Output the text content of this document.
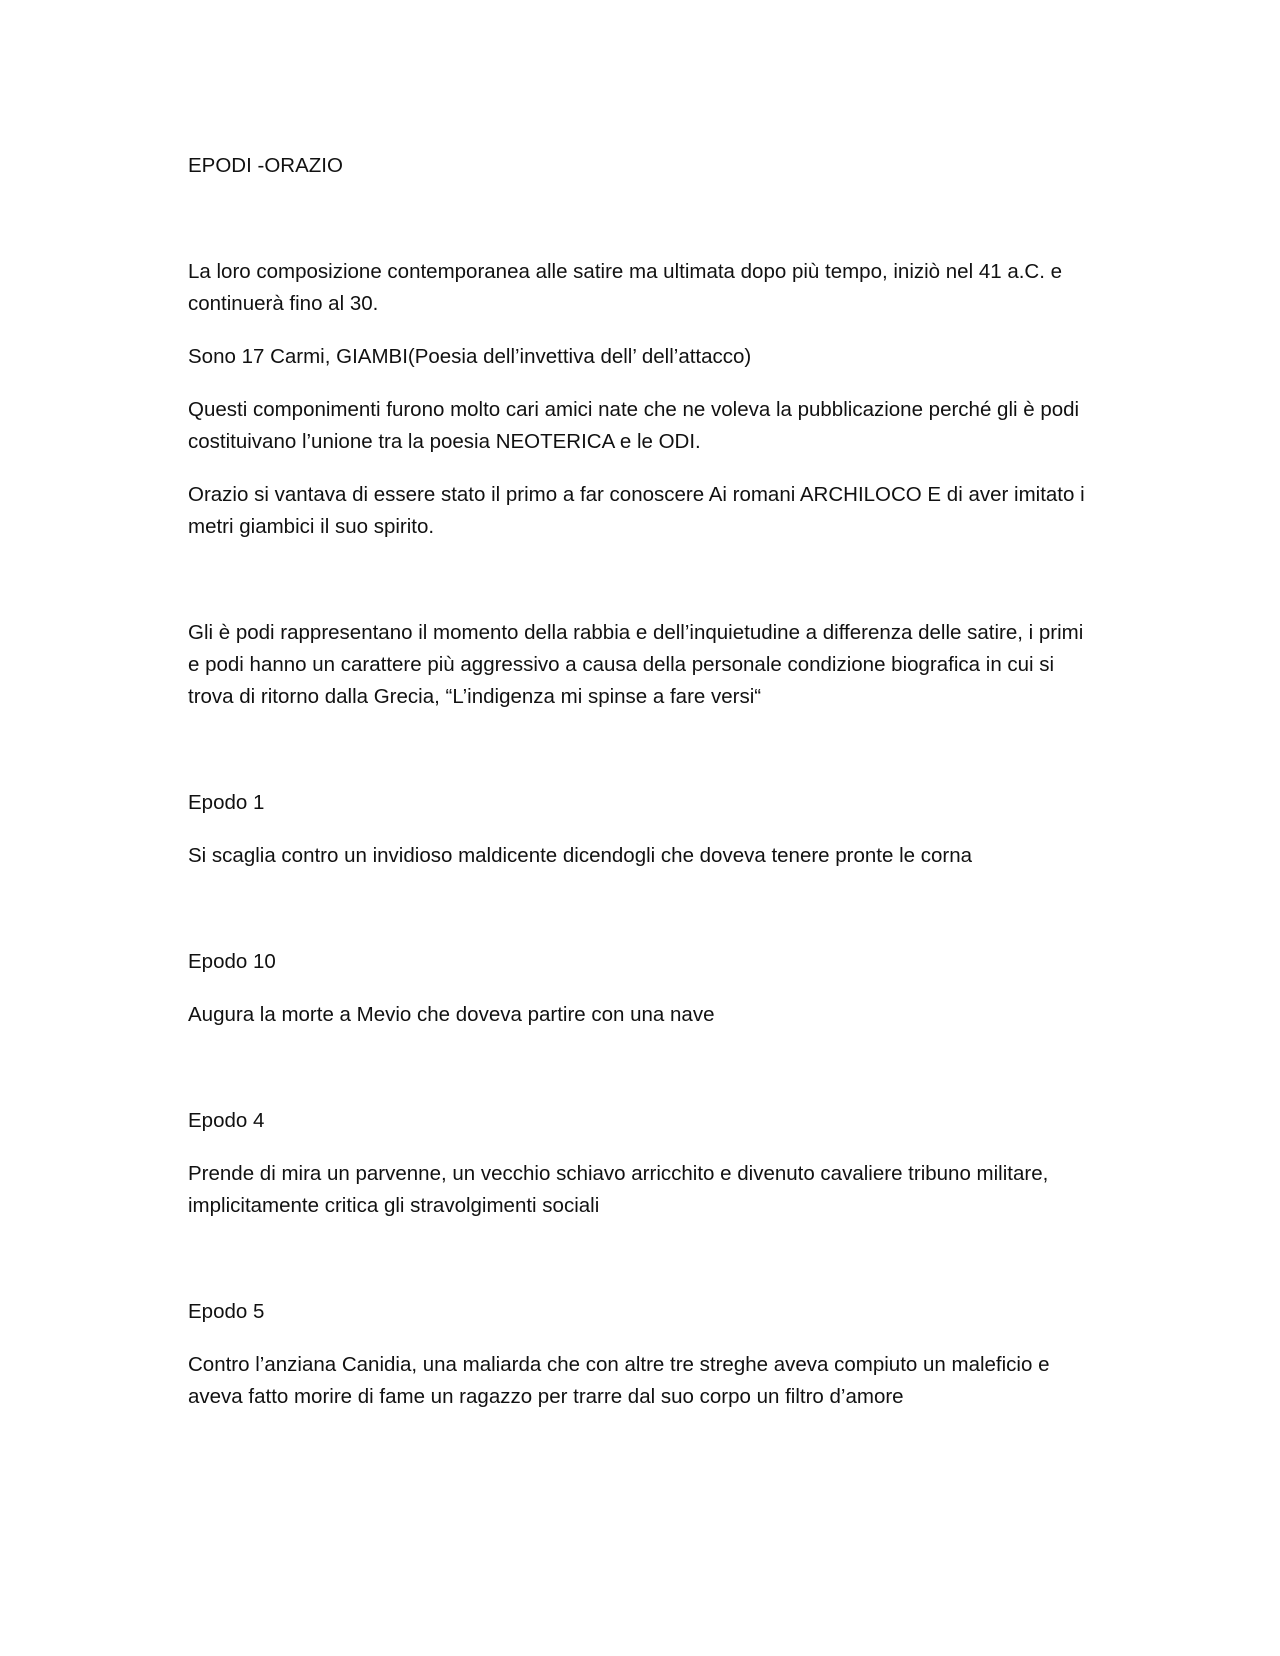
EPODI -ORAZIO

La loro composizione contemporanea alle satire ma ultimata dopo più tempo, iniziò nel 41 a.C. e continuerà fino al 30.

Sono 17 Carmi, GIAMBI(Poesia dell’invettiva dell’ dell’attacco)

Questi componimenti furono molto cari amici nate che ne voleva la pubblicazione perché gli è podi costituivano l’unione tra la poesia NEOTERICA e le ODI.

Orazio si vantava di essere stato il primo a far conoscere Ai romani ARCHILOCO E di aver imitato i metri giambici il suo spirito.

Gli è podi rappresentano il momento della rabbia e dell’inquietudine a differenza delle satire, i primi e podi hanno un carattere più aggressivo a causa della personale condizione biografica in cui si trova di ritorno dalla Grecia, “L’indigenza mi spinse a fare versi“

Epodo 1

Si scaglia contro un invidioso maldicente dicendogli che doveva tenere pronte le corna

Epodo 10

Augura la morte a Mevio che doveva partire con una nave

Epodo 4

Prende di mira un parvenne, un vecchio schiavo arricchito e divenuto cavaliere tribuno militare, implicitamente critica gli stravolgimenti sociali

Epodo 5

Contro l’anziana Canidia, una maliarda che con altre tre streghe aveva compiuto un maleficio e aveva fatto morire di fame un ragazzo per trarre dal suo corpo un filtro d’amore
